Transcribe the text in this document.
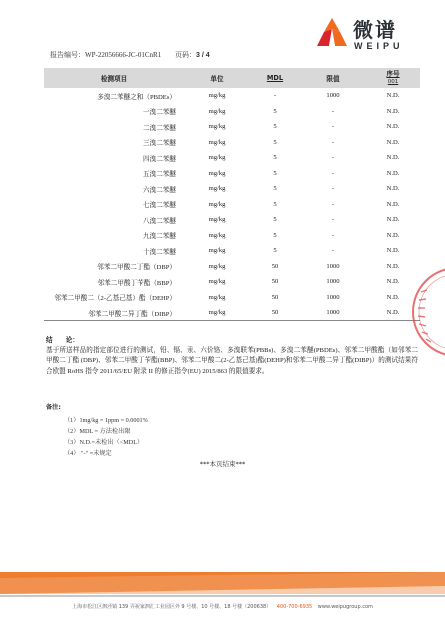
微谱
WEIPU
报告编号：WP-22056666-JC-01CnR1 页码：3 / 4
检测项目	单位	MDL	限值	序号
001

多溴二苯醚之和（PBDEs）	mg/kg	-	1000	N.D.
一溴二苯醚	mg/kg	5	-	N.D.
二溴二苯醚	mg/kg	5	-	N.D.
三溴二苯醚	mg/kg	5	-	N.D.
四溴二苯醚	mg/kg	5	-	N.D.
五溴二苯醚	mg/kg	5	-	N.D.
六溴二苯醚	mg/kg	5	-	N.D.
七溴二苯醚	mg/kg	5	-	N.D.
八溴二苯醚	mg/kg	5	-	N.D.
九溴二苯醚	mg/kg	5	-	N.D.
十溴二苯醚	mg/kg	5	-	N.D.
邻苯二甲酸二丁酯（DBP）	mg/kg	50	1000	N.D.
邻苯二甲酸丁苄酯（BBP）	mg/kg	50	1000	N.D.
邻苯二甲酸二（2-乙基己基）酯（DEHP）	mg/kg	50	1000	N.D.
邻苯二甲酸二异丁酯（DIBP）	mg/kg	50	1000	N.D.
结　　论：
基于所送样品的指定部位进行的测试，铅、镉、汞、六价铬、多溴联苯(PBBs)、多溴二苯醚(PBDEs)、邻苯二甲酸酯（如邻苯二甲酸二丁酯 (DBP)、邻苯二甲酸丁苄酯(BBP)、邻苯二甲酸二(2-乙基己基)酯(DEHP)和邻苯二甲酸二异丁酯(DIBP)）的测试结果符合欧盟 RoHS 指令 2011/65/EU 附录 II 的修正指令(EU) 2015/863 的限值要求。
备注:
（1）1mg/kg = 1ppm = 0.0001%
（2）MDL = 方法检出限
（3）N.D.=未检出（<MDL）
（4） "-" =未规定
***本页结束***
上海市松江区泗泾镇 139 弄祝家泗汇工业园区外 9 号楼、10 号楼、18 号楼（200638） 400-700-6935 www.weipugroup.com
